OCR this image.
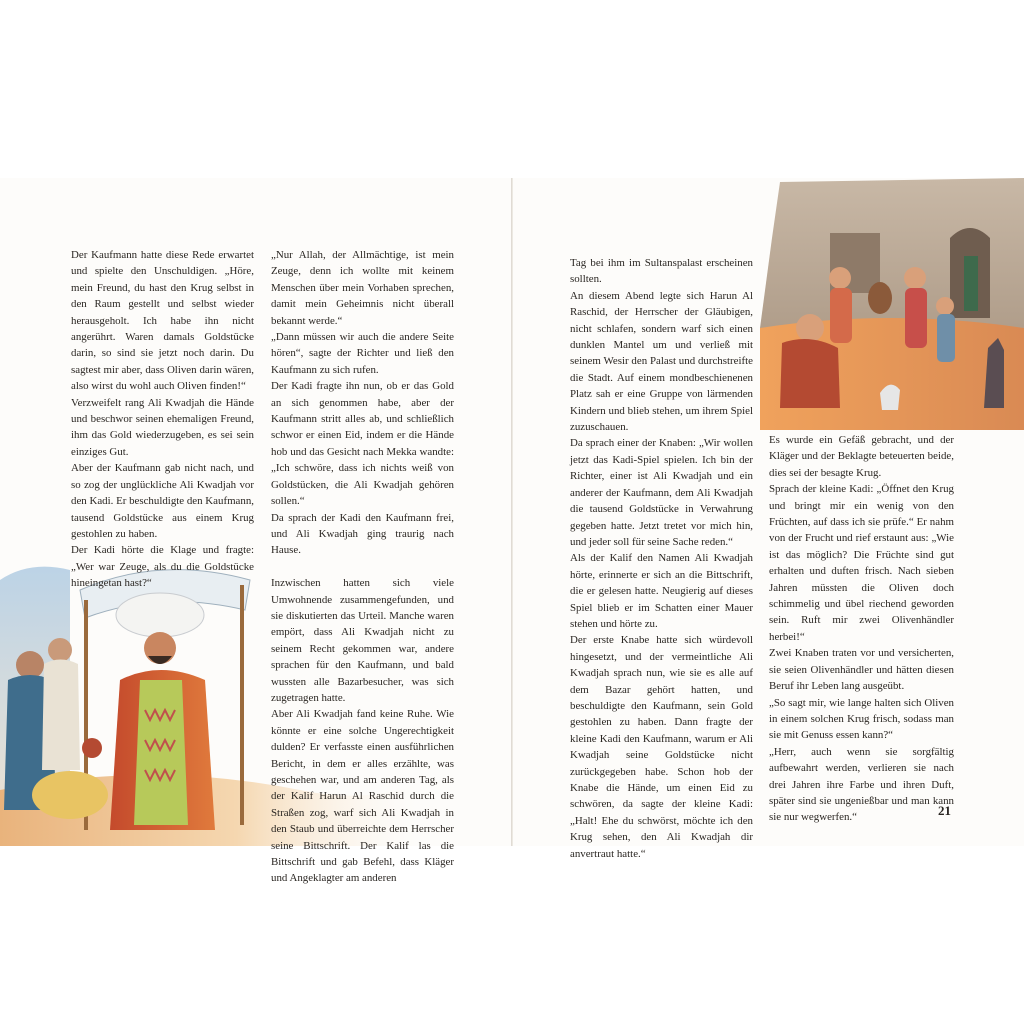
Der Kaufmann hatte diese Rede erwartet und spielte den Unschuldigen. „Höre, mein Freund, du hast den Krug selbst in den Raum gestellt und selbst wieder herausgeholt. Ich habe ihn nicht angerührt. Waren damals Goldstücke darin, so sind sie jetzt noch darin. Du sagtest mir aber, dass Oliven darin wären, also wirst du wohl auch Oliven finden!“

Verzweifelt rang Ali Kwadjah die Hände und beschwor seinen ehemaligen Freund, ihm das Gold wiederzugeben, es sei sein einziges Gut.

Aber der Kaufmann gab nicht nach, und so zog der unglückliche Ali Kwadjah vor den Kadi. Er beschuldigte den Kaufmann, tausend Goldstücke aus einem Krug gestohlen zu haben.

Der Kadi hörte die Klage und fragte: „Wer war Zeuge, als du die Goldstücke hineingetan hast?“

„Nur Allah, der Allmächtige, ist mein Zeuge, denn ich wollte mit keinem Menschen über mein Vorhaben sprechen, damit mein Geheimnis nicht überall bekannt werde.“

„Dann müssen wir auch die andere Seite hören“, sagte der Richter und ließ den Kaufmann zu sich rufen.

Der Kadi fragte ihn nun, ob er das Gold an sich genommen habe, aber der Kaufmann stritt alles ab, und schließlich schwor er einen Eid, indem er die Hände hob und das Gesicht nach Mekka wandte: „Ich schwöre, dass ich nichts weiß von Goldstücken, die Ali Kwadjah gehören sollen.“

Da sprach der Kadi den Kaufmann frei, und Ali Kwadjah ging traurig nach Hause.

Inzwischen hatten sich viele Umwohnende zusammengefunden, und sie diskutierten das Urteil. Manche waren empört, dass Ali Kwadjah nicht zu seinem Recht gekommen war, andere sprachen für den Kaufmann, und bald wussten alle Bazarbesucher, was sich zugetragen hatte.

Aber Ali Kwadjah fand keine Ruhe. Wie könnte er eine solche Ungerechtigkeit dulden? Er verfasste einen ausführlichen Bericht, in dem er alles erzählte, was geschehen war, und am anderen Tag, als der Kalif Harun Al Raschid durch die Straßen zog, warf sich Ali Kwadjah in den Staub und überreichte dem Herrscher seine Bittschrift. Der Kalif las die Bittschrift und gab Befehl, dass Kläger und Angeklagter am anderen

Tag bei ihm im Sultanspalast erscheinen sollten.

An diesem Abend legte sich Harun Al Raschid, der Herrscher der Gläubigen, nicht schlafen, sondern warf sich einen dunklen Mantel um und verließ mit seinem Wesir den Palast und durchstreifte die Stadt. Auf einem mondbeschienenen Platz sah er eine Gruppe von lärmenden Kindern und blieb stehen, um ihrem Spiel zuzuschauen.

Da sprach einer der Knaben: „Wir wollen jetzt das Kadi-Spiel spielen. Ich bin der Richter, einer ist Ali Kwadjah und ein anderer der Kaufmann, dem Ali Kwadjah die tausend Goldstücke in Verwahrung gegeben hatte. Jetzt tretet vor mich hin, und jeder soll für seine Sache reden.“

Als der Kalif den Namen Ali Kwadjah hörte, erinnerte er sich an die Bittschrift, die er gelesen hatte. Neugierig auf dieses Spiel blieb er im Schatten einer Mauer stehen und hörte zu.

Der erste Knabe hatte sich würdevoll hingesetzt, und der vermeintliche Ali Kwadjah sprach nun, wie sie es alle auf dem Bazar gehört hatten, und beschuldigte den Kaufmann, sein Gold gestohlen zu haben. Dann fragte der kleine Kadi den Kaufmann, warum er Ali Kwadjah seine Goldstücke nicht zurückgegeben habe. Schon hob der Knabe die Hände, um einen Eid zu schwören, da sagte der kleine Kadi: „Halt! Ehe du schwörst, möchte ich den Krug sehen, den Ali Kwadjah dir anvertraut hatte.“

Es wurde ein Gefäß gebracht, und der Kläger und der Beklagte beteuerten beide, dies sei der besagte Krug.

Sprach der kleine Kadi: „Öffnet den Krug und bringt mir ein wenig von den Früchten, auf dass ich sie prüfe.“ Er nahm von der Frucht und rief erstaunt aus: „Wie ist das möglich? Die Früchte sind gut erhalten und duften frisch. Nach sieben Jahren müssten die Oliven doch schimmelig und übel riechend geworden sein. Ruft mir zwei Olivenhändler herbei!“

Zwei Knaben traten vor und versicherten, sie seien Olivenhändler und hätten diesen Beruf ihr Leben lang ausgeübt.

„So sagt mir, wie lange halten sich Oliven in einem solchen Krug frisch, sodass man sie mit Genuss essen kann?“

„Herr, auch wenn sie sorgfältig aufbewahrt werden, verlieren sie nach drei Jahren ihre Farbe und ihren Duft, später sind sie ungenießbar und man kann sie nur wegwerfen.“	21
